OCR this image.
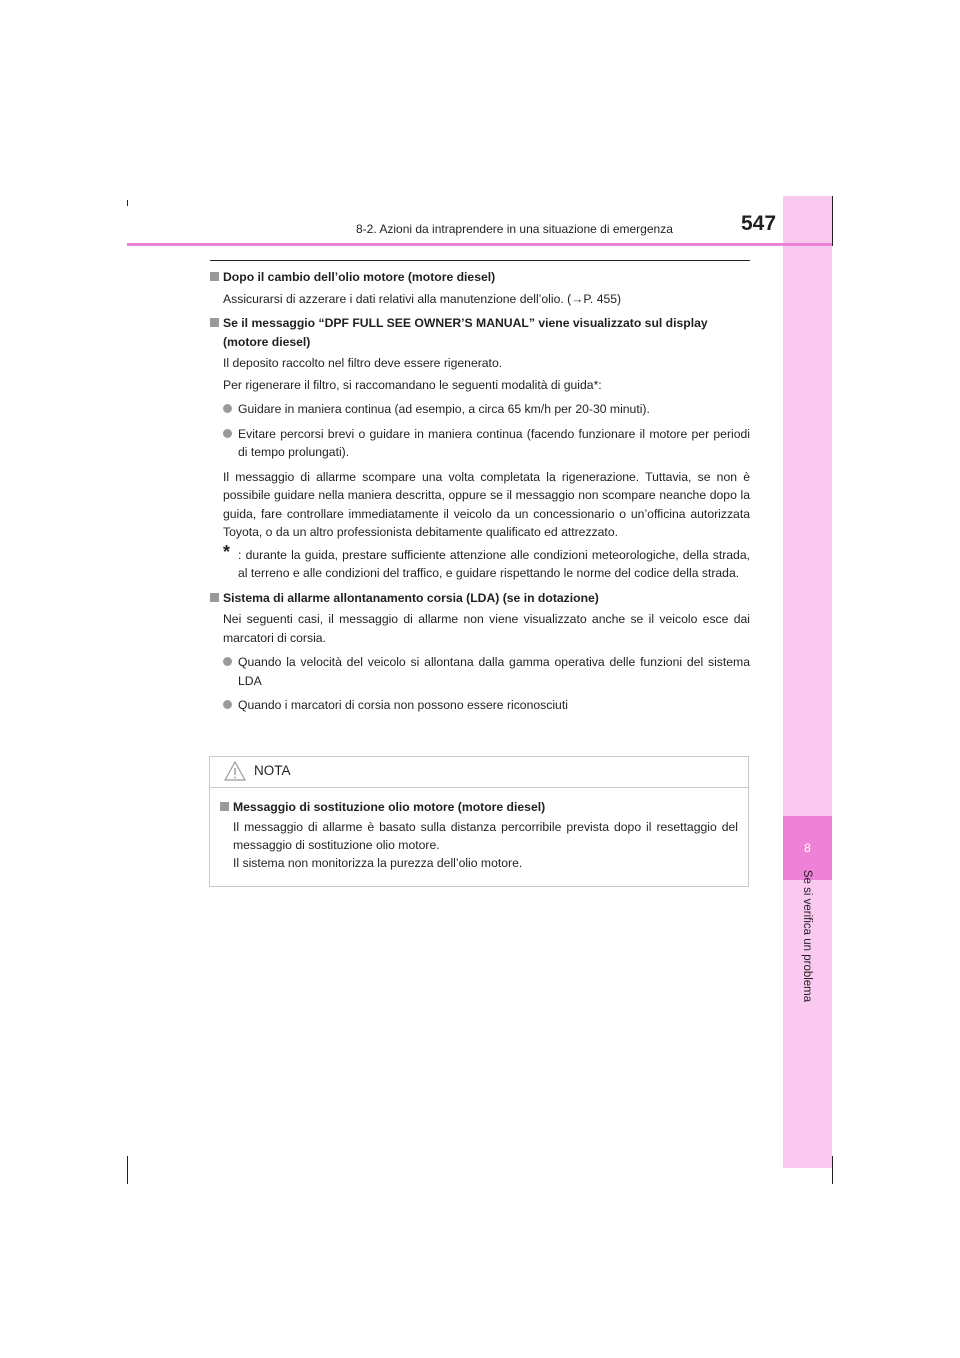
8
Se si verifica un problema
8-2. Azioni da intraprendere in una situazione di emergenza	547
Dopo il cambio dell’olio motore (motore diesel)
Assicurarsi di azzerare i dati relativi alla manutenzione dell’olio. (→P. 455)
Se il messaggio “DPF FULL SEE OWNER’S MANUAL” viene visualizzato sul display (motore diesel)
Il deposito raccolto nel filtro deve essere rigenerato.
Per rigenerare il filtro, si raccomandano le seguenti modalità di guida*:
Guidare in maniera continua (ad esempio, a circa 65 km/h per 20-30 minuti).
Evitare percorsi brevi o guidare in maniera continua (facendo funzionare il motore per periodi di tempo prolungati).
Il messaggio di allarme scompare una volta completata la rigenerazione. Tuttavia, se non è possibile guidare nella maniera descritta, oppure se il messaggio non scompare neanche dopo la guida, fare controllare immediatamente il veicolo da un concessionario o un’officina autorizzata Toyota, o da un altro professionista debitamente qualificato ed attrezzato.
* : durante la guida, prestare sufficiente attenzione alle condizioni meteorologiche, della strada, al terreno e alle condizioni del traffico, e guidare rispettando le norme del codice della strada.
Sistema di allarme allontanamento corsia (LDA) (se in dotazione)
Nei seguenti casi, il messaggio di allarme non viene visualizzato anche se il veicolo esce dai marcatori di corsia.
Quando la velocità del veicolo si allontana dalla gamma operativa delle funzioni del sistema LDA
Quando i marcatori di corsia non possono essere riconosciuti
NOTA
Messaggio di sostituzione olio motore (motore diesel)
Il messaggio di allarme è basato sulla distanza percorribile prevista dopo il resettaggio del messaggio di sostituzione olio motore.
Il sistema non monitorizza la purezza dell’olio motore.
